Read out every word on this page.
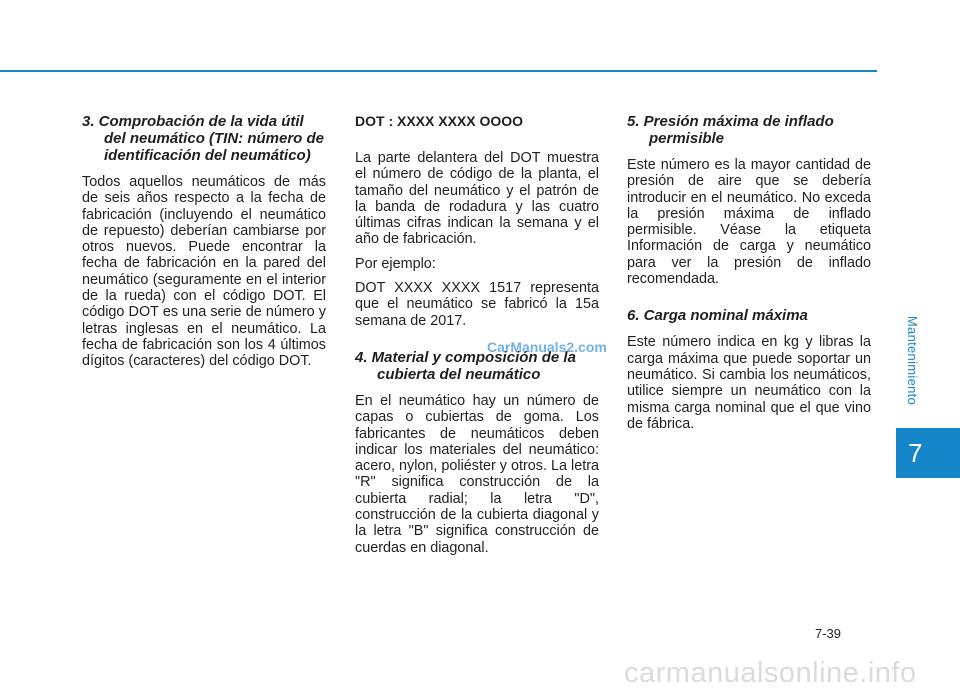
3. Comprobación de la vida útil del neumático (TIN: número de identificación del neumático)

Todos aquellos neumáticos de más de seis años respecto a la fecha de fabricación (incluyendo el neumático de repuesto) deberían cambiarse por otros nuevos. Puede encontrar la fecha de fabricación en la pared del neumático (seguramente en el interior de la rueda) con el código DOT. El código DOT es una serie de número y letras inglesas en el neumático. La fecha de fabricación son los 4 últimos dígitos (caracteres) del código DOT.

DOT : XXXX XXXX OOOO

La parte delantera del DOT muestra el número de código de la planta, el tamaño del neumático y el patrón de la banda de rodadura y las cuatro últimas cifras indican la semana y el año de fabricación.

Por ejemplo:

DOT XXXX XXXX 1517 representa que el neumático se fabricó la 15a semana de 2017.

4. Material y composición de la cubierta del neumático

En el neumático hay un número de capas o cubiertas de goma. Los fabricantes de neumáticos deben indicar los materiales del neumático: acero, nylon, poliéster y otros. La letra "R" significa construcción de la cubierta radial; la letra "D", construcción de la cubierta diagonal y la letra "B" significa construcción de cuerdas en diagonal.

5. Presión máxima de inflado permisible

Este número es la mayor cantidad de presión de aire que se debería introducir en el neumático. No exceda la presión máxima de inflado permisible. Véase la etiqueta Información de carga y neumático para ver la presión de inflado recomendada.

6. Carga nominal máxima

Este número indica en kg y libras la carga máxima que puede soportar un neumático. Si cambia los neumáticos, utilice siempre un neumático con la misma carga nominal que el que vino de fábrica.

Mantenimiento
7
7-39
CarManuals2.com
carmanualsonline.info
